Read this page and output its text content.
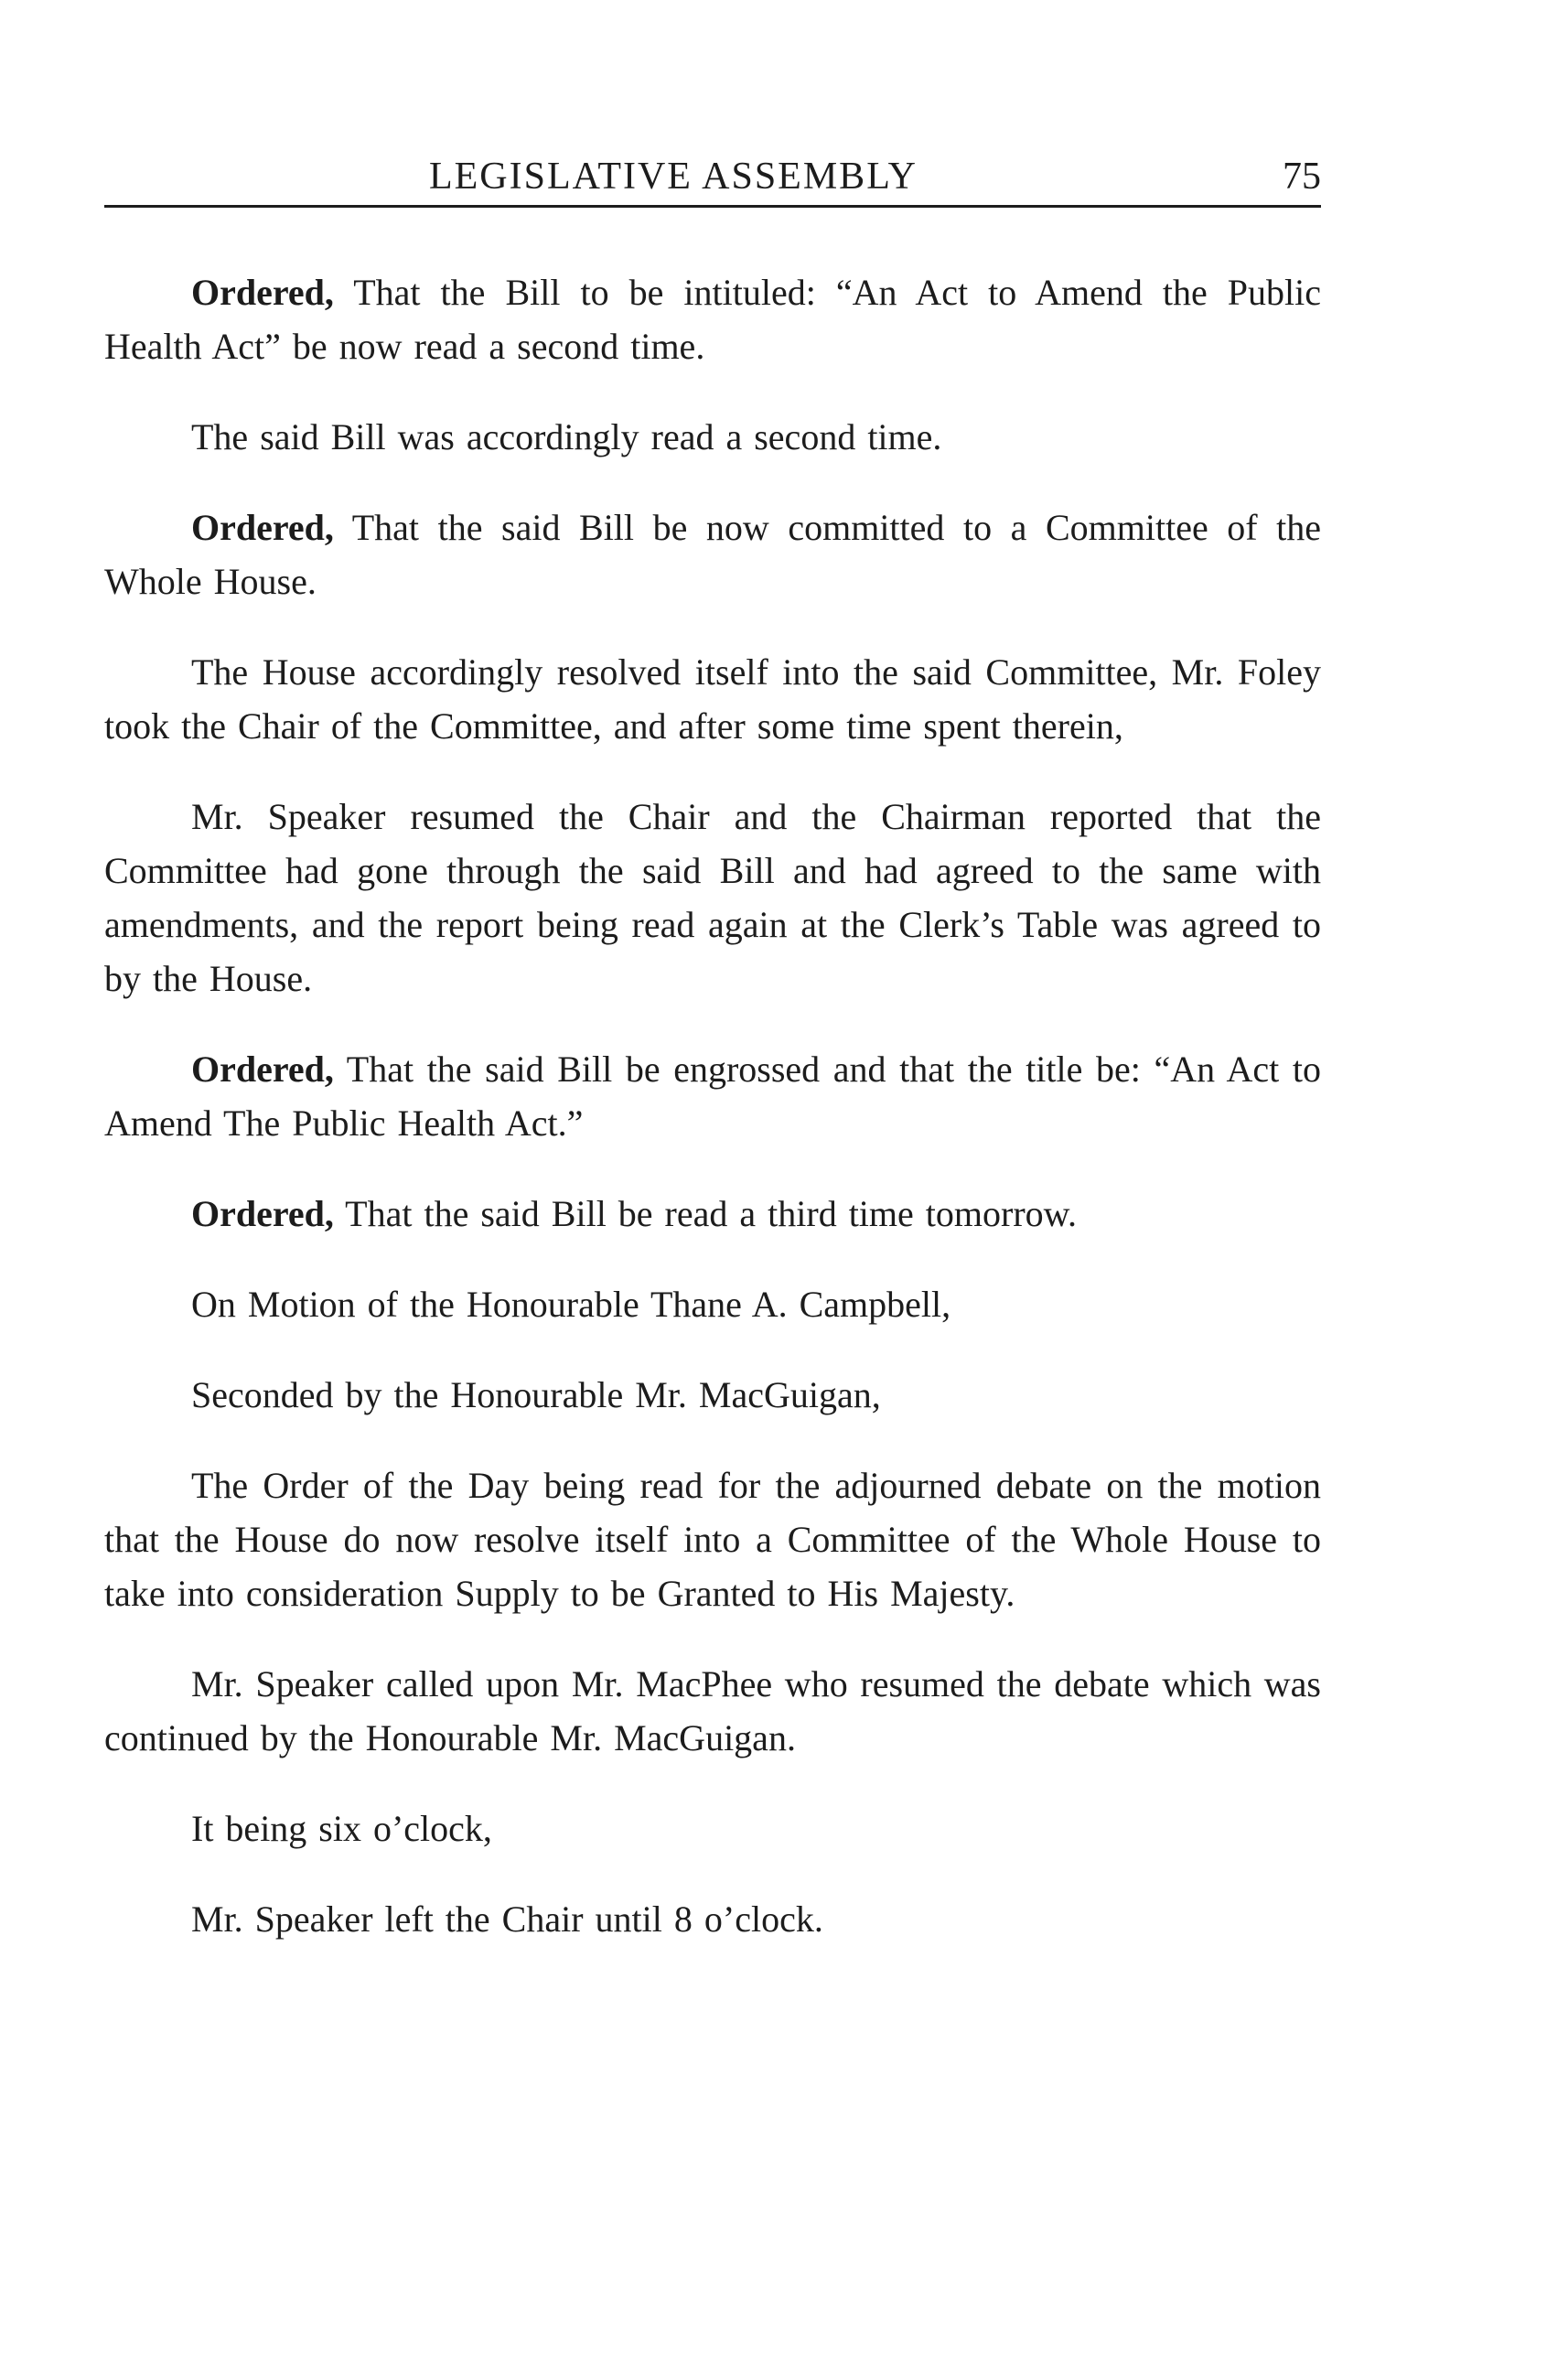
LEGISLATIVE ASSEMBLY	75

Ordered, That the Bill to be intituled: “An Act to Amend the Public Health Act” be now read a second time.

The said Bill was accordingly read a second time.

Ordered, That the said Bill be now committed to a Committee of the Whole House.

The House accordingly resolved itself into the said Committee, Mr. Foley took the Chair of the Committee, and after some time spent therein,

Mr. Speaker resumed the Chair and the Chairman reported that the Committee had gone through the said Bill and had agreed to the same with amendments, and the report being read again at the Clerk’s Table was agreed to by the House.

Ordered, That the said Bill be engrossed and that the title be: “An Act to Amend The Public Health Act.”

Ordered, That the said Bill be read a third time tomorrow.

On Motion of the Honourable Thane A. Campbell,

Seconded by the Honourable Mr. MacGuigan,

The Order of the Day being read for the adjourned debate on the motion that the House do now resolve itself into a Committee of the Whole House to take into consideration Supply to be Granted to His Majesty.

Mr. Speaker called upon Mr. MacPhee who resumed the debate which was continued by the Honourable Mr. MacGuigan.

It being six o’clock,

Mr. Speaker left the Chair until 8 o’clock.
